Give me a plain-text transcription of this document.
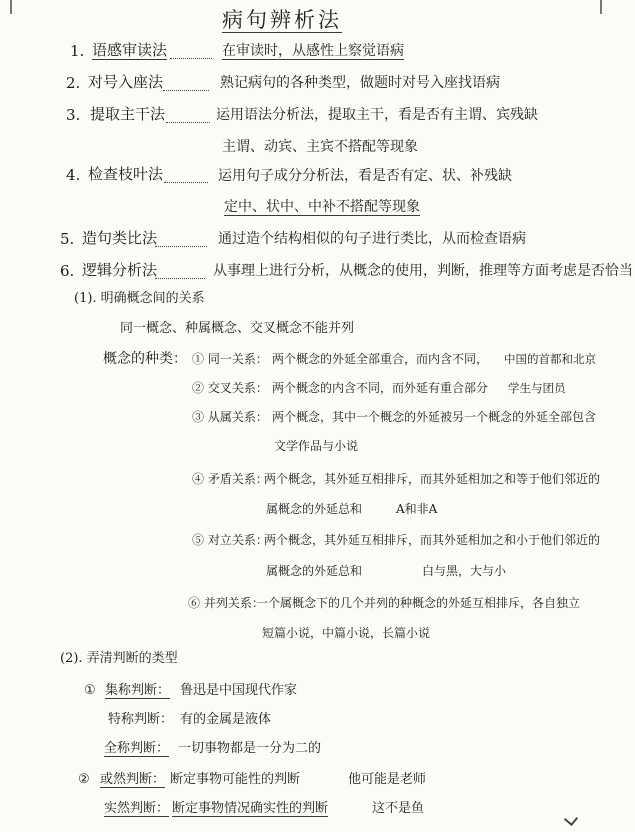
病句辨析法
1. 语感审读法	在审读时，从感性上察觉语病
2. 对号入座法	熟记病句的各种类型，做题时对号入座找语病
3. 提取主干法	运用语法分析法，提取主干，看是否有主谓、宾残缺
主谓、动宾、主宾不搭配等现象
4. 检查枝叶法	运用句子成分分析法，看是否有定、状、补残缺
定中、状中、中补不搭配等现象
5. 造句类比法	通过造个结构相似的句子进行类比，从而检查语病
6. 逻辑分析法	从事理上进行分析，从概念的使用，判断，推理等方面考虑是否恰当
(1). 明确概念间的关系
同一概念、种属概念、交叉概念不能并列
概念的种类： ① 同一关系： 两个概念的外延全部重合，而内含不同， 中国的首都和北京
② 交叉关系： 两个概念的内含不同，而外延有重合部分 学生与团员
③ 从属关系： 两个概念，其中一个概念的外延被另一个概念的外延全部包含
文学作品与小说
④ 矛盾关系：
两个概念，其外延互相排斥，而其外延相加之和等于他们邻近的
属概念的外延总和	A和非A
⑤ 对立关系：
两个概念，其外延互相排斥，而其外延相加之和小于他们邻近的
属概念的外延总和	白与黑，大与小
⑥ 并列关系：
一个属概念下的几个并列的种概念的外延互相排斥，各自独立
短篇小说，中篇小说，长篇小说
(2). 弄清判断的类型
① 集称判断： 鲁迅是中国现代作家
特称判断： 有的金属是液体
全称判断： 一切事物都是一分为二的
② 或然判断： 断定事物可能性的判断	他可能是老师
实然判断： 断定事物情况确实性的判断	这不是鱼
